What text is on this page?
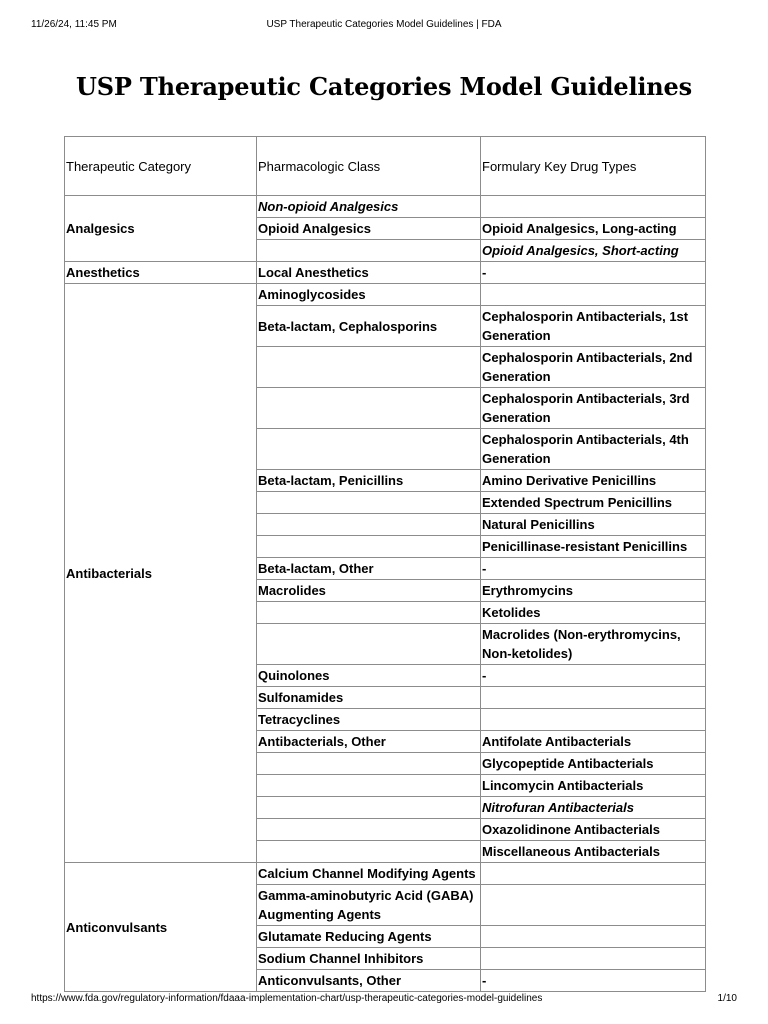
11/26/24, 11:45 PM	USP Therapeutic Categories Model Guidelines | FDA
USP Therapeutic Categories Model Guidelines
Therapeutic Category	Pharmacologic Class	Formulary Key Drug Types
Analgesics	Non-opioid Analgesics	
	Opioid Analgesics	Opioid Analgesics, Long-acting
		Opioid Analgesics, Short-acting
Anesthetics	Local Anesthetics	-
Antibacterials	Aminoglycosides	
	Beta-lactam, Cephalosporins	Cephalosporin Antibacterials, 1st Generation
		Cephalosporin Antibacterials, 2nd Generation
		Cephalosporin Antibacterials, 3rd Generation
		Cephalosporin Antibacterials, 4th Generation
	Beta-lactam, Penicillins	Amino Derivative Penicillins
		Extended Spectrum Penicillins
		Natural Penicillins
		Penicillinase-resistant Penicillins
	Beta-lactam, Other	-
	Macrolides	Erythromycins
		Ketolides
		Macrolides (Non-erythromycins, Non-ketolides)
	Quinolones	-
	Sulfonamides	
	Tetracyclines	
	Antibacterials, Other	Antifolate Antibacterials
		Glycopeptide Antibacterials
		Lincomycin Antibacterials
		Nitrofuran Antibacterials
		Oxazolidinone Antibacterials
		Miscellaneous Antibacterials
Anticonvulsants	Calcium Channel Modifying Agents	
	Gamma-aminobutyric Acid (GABA) Augmenting Agents	
	Glutamate Reducing Agents	
	Sodium Channel Inhibitors	
	Anticonvulsants, Other	-
https://www.fda.gov/regulatory-information/fdaaa-implementation-chart/usp-therapeutic-categories-model-guidelines	1/10
